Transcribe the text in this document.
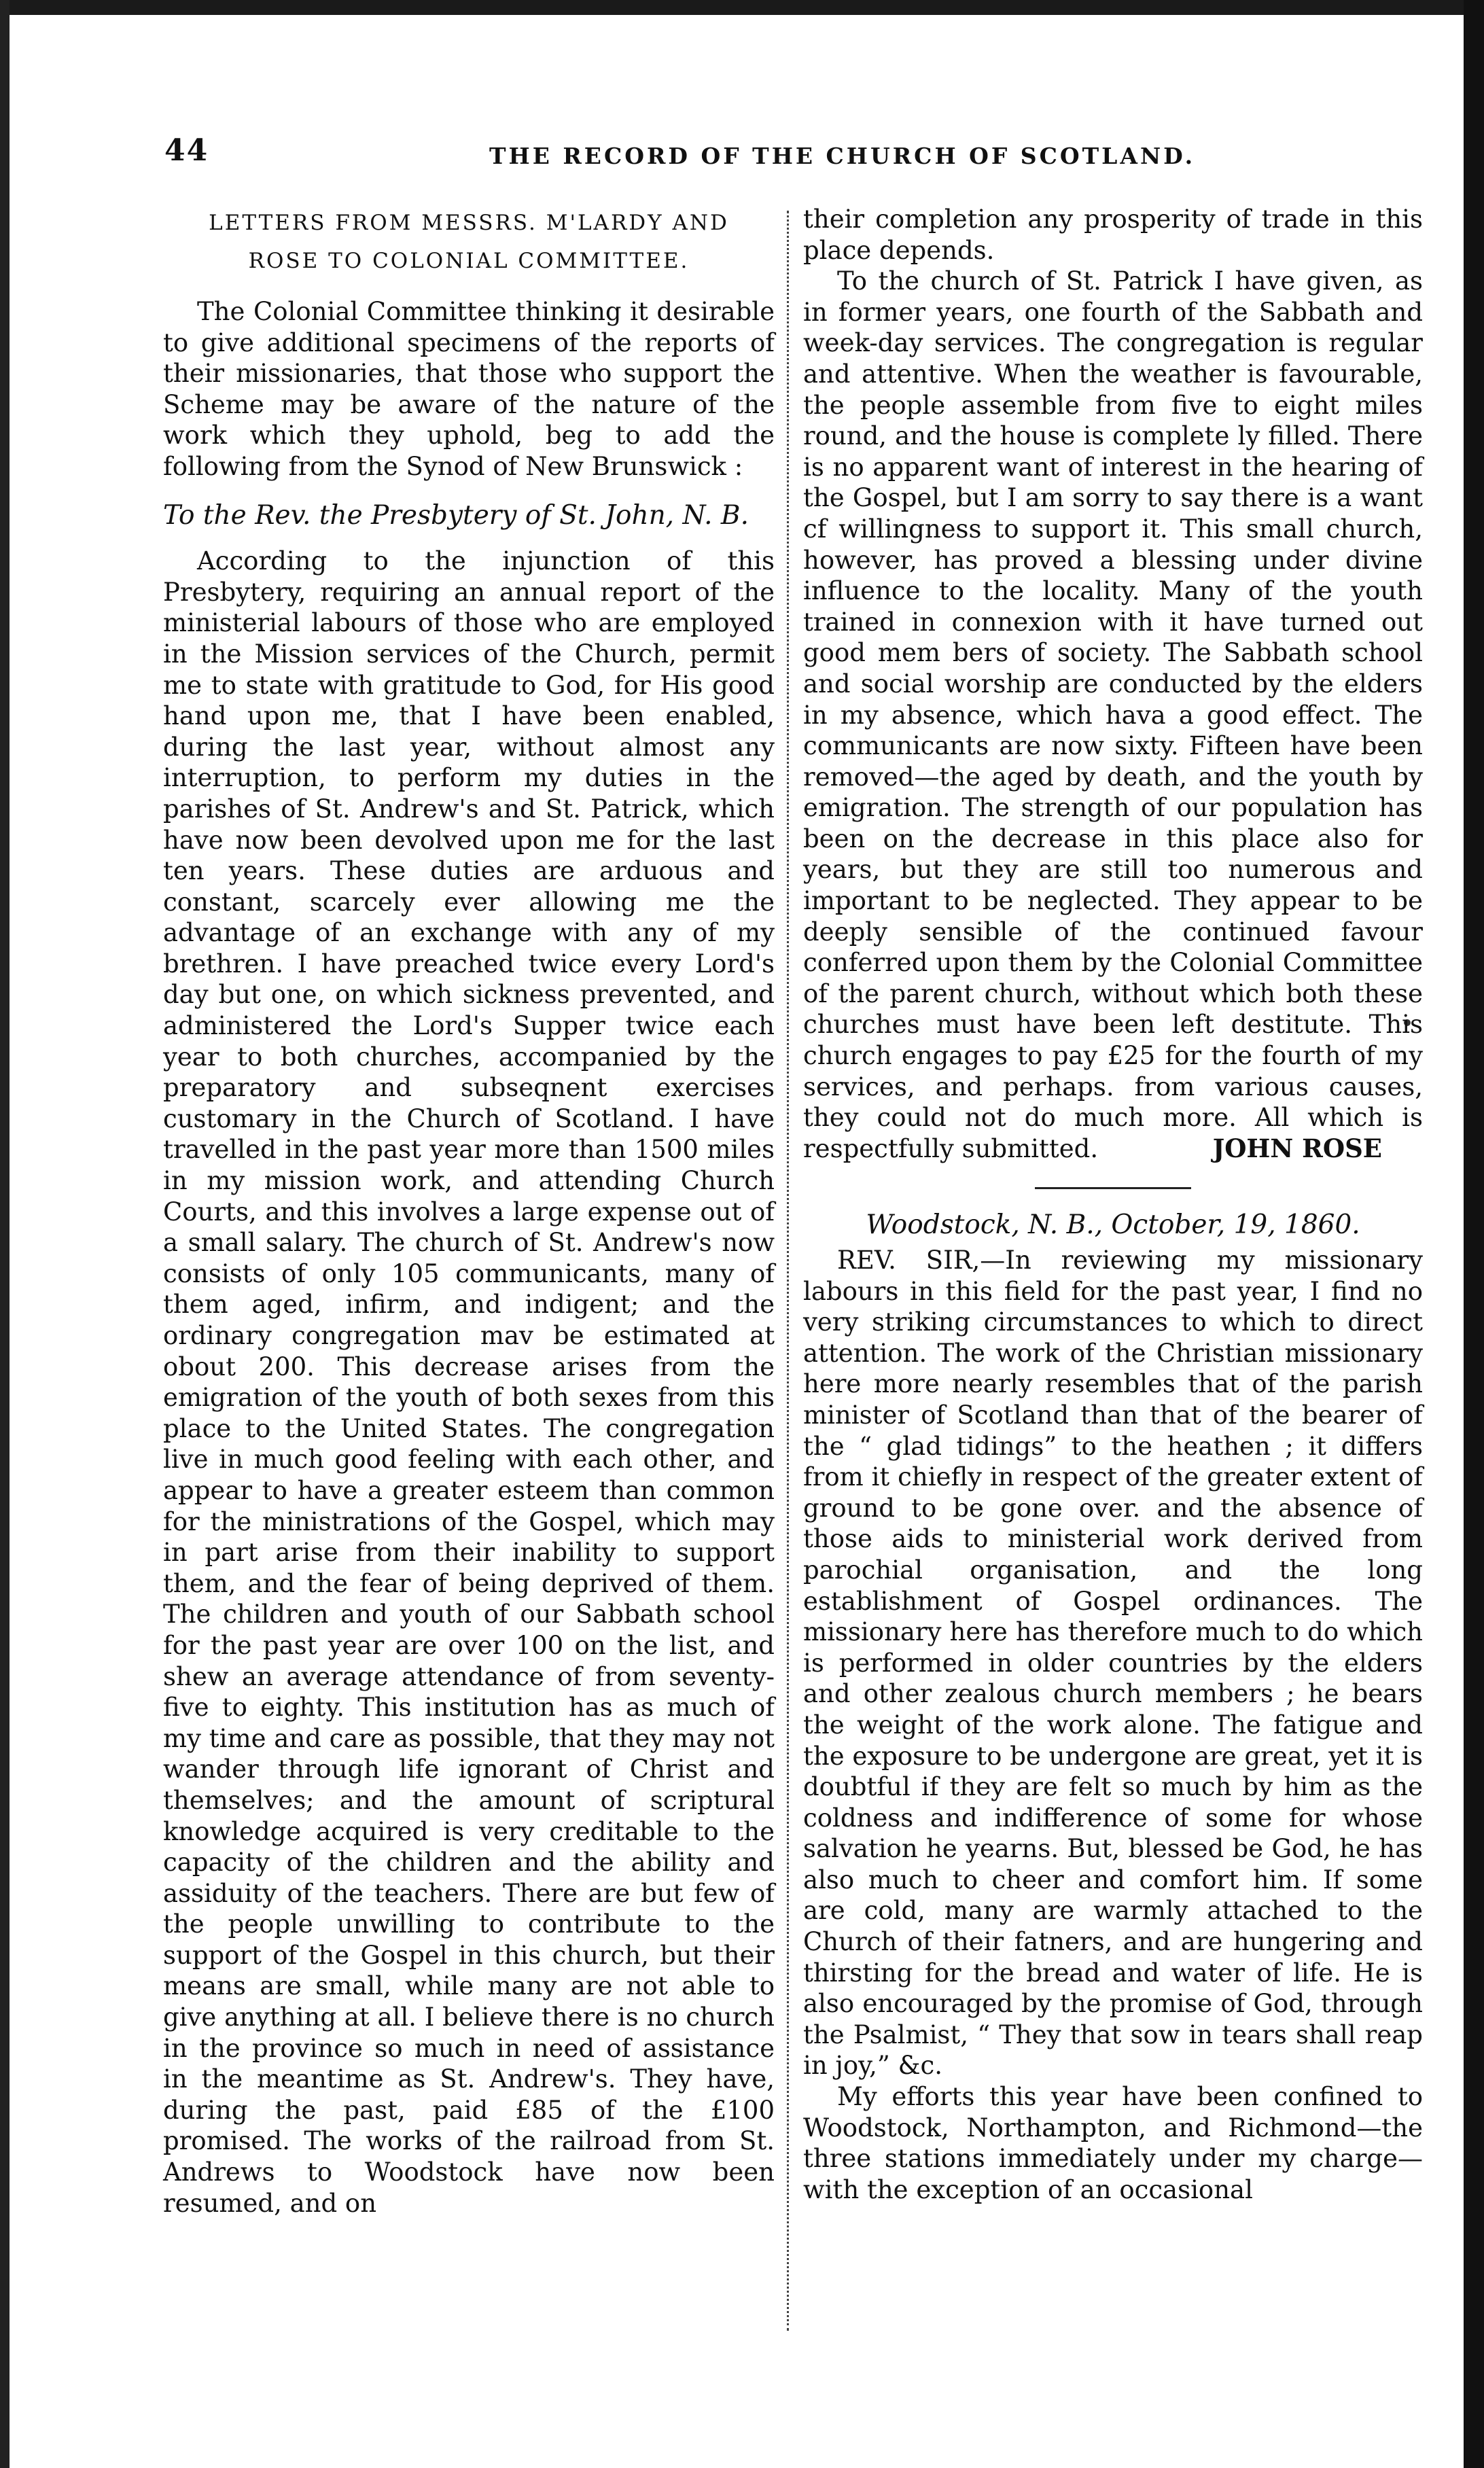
44	THE RECORD OF THE CHURCH OF SCOTLAND.
LETTERS FROM MESSRS. M'LARDY AND
ROSE TO COLONIAL COMMITTEE.

The Colonial Committee thinking it desirable to give additional specimens of the reports of their missionaries, that those who support the Scheme may be aware of the nature of the work which they uphold, beg to add the following from the Synod of New Brunswick :

To the Rev. the Presbytery of St. John, N. B.

According to the injunction of this Presbytery, requiring an annual report of the ministerial labours of those who are employed in the Mission services of the Church, permit me to state with gratitude to God, for His good hand upon me, that I have been enabled, during the last year, without almost any interruption, to perform my duties in the parishes of St. Andrew's and St. Patrick, which have now been devolved upon me for the last ten years. These duties are arduous and constant, scarcely ever allowing me the advantage of an exchange with any of my brethren. I have preached twice every Lord's day but one, on which sickness prevented, and administered the Lord's Supper twice each year to both churches, accompanied by the preparatory and subseqnent exercises customary in the Church of Scotland. I have travelled in the past year more than 1500 miles in my mission work, and attending Church Courts, and this involves a large expense out of a small salary. The church of St. Andrew's now consists of only 105 communicants, many of them aged, infirm, and indigent; and the ordinary congregation mav be estimated at obout 200. This decrease arises from the emigration of the youth of both sexes from this place to the United States. The congregation live in much good feeling with each other, and appear to have a greater esteem than common for the ministrations of the Gospel, which may in part arise from their inability to support them, and the fear of being deprived of them. The children and youth of our Sabbath school for the past year are over 100 on the list, and shew an average attendance of from seventy-five to eighty. This institution has as much of my time and care as possible, that they may not wander through life ignorant of Christ and themselves; and the amount of scriptural knowledge acquired is very creditable to the capacity of the children and the ability and assiduity of the teachers. There are but few of the people unwilling to contribute to the support of the Gospel in this church, but their means are small, while many are not able to give anything at all. I believe there is no church in the province so much in need of assistance in the meantime as St. Andrew's. They have, during the past, paid £85 of the £100 promised. The works of the railroad from St. Andrews to Woodstock have now been resumed, and on

their completion any prosperity of trade in this place depends.

To the church of St. Patrick I have given, as in former years, one fourth of the Sabbath and week-day services. The congregation is regular and attentive. When the weather is favourable, the people assemble from five to eight miles round, and the house is complete ly filled. There is no apparent want of interest in the hearing of the Gospel, but I am sorry to say there is a want cf willingness to support it. This small church, however, has proved a blessing under divine influence to the locality. Many of the youth trained in connexion with it have turned out good mem bers of society. The Sabbath school and social worship are conducted by the elders in my absence, which hava a good effect. The communicants are now sixty. Fifteen have been removed—the aged by death, and the youth by emigration. The strength of our population has been on the decrease in this place also for years, but they are still too numerous and important to be neglected. They appear to be deeply sensible of the continued favour conferred upon them by the Colonial Committee of the parent church, without which both these churches must have been left destitute. This church engages to pay £25 for the fourth of my services, and perhaps. from various causes, they could not do much more. All which is respectfully submitted.	JOHN ROSE
Woodstock, N. B., October, 19, 1860.

REV. SIR,—In reviewing my missionary labours in this field for the past year, I find no very striking circumstances to which to direct attention. The work of the Christian missionary here more nearly resembles that of the parish minister of Scotland than that of the bearer of the “ glad tidings” to the heathen ; it differs from it chiefly in respect of the greater extent of ground to be gone over. and the absence of those aids to ministerial work derived from parochial organisation, and the long establishment of Gospel ordinances. The missionary here has therefore much to do which is performed in older countries by the elders and other zealous church members ; he bears the weight of the work alone. The fatigue and the exposure to be undergone are great, yet it is doubtful if they are felt so much by him as the coldness and indifference of some for whose salvation he yearns. But, blessed be God, he has also much to cheer and comfort him. If some are cold, many are warmly attached to the Church of their fatners, and are hungering and thirsting for the bread and water of life. He is also encouraged by the promise of God, through the Psalmist, “ They that sow in tears shall reap in joy,” &c.

My efforts this year have been confined to Woodstock, Northampton, and Richmond—the three stations immediately under my charge—with the exception of an occasional
